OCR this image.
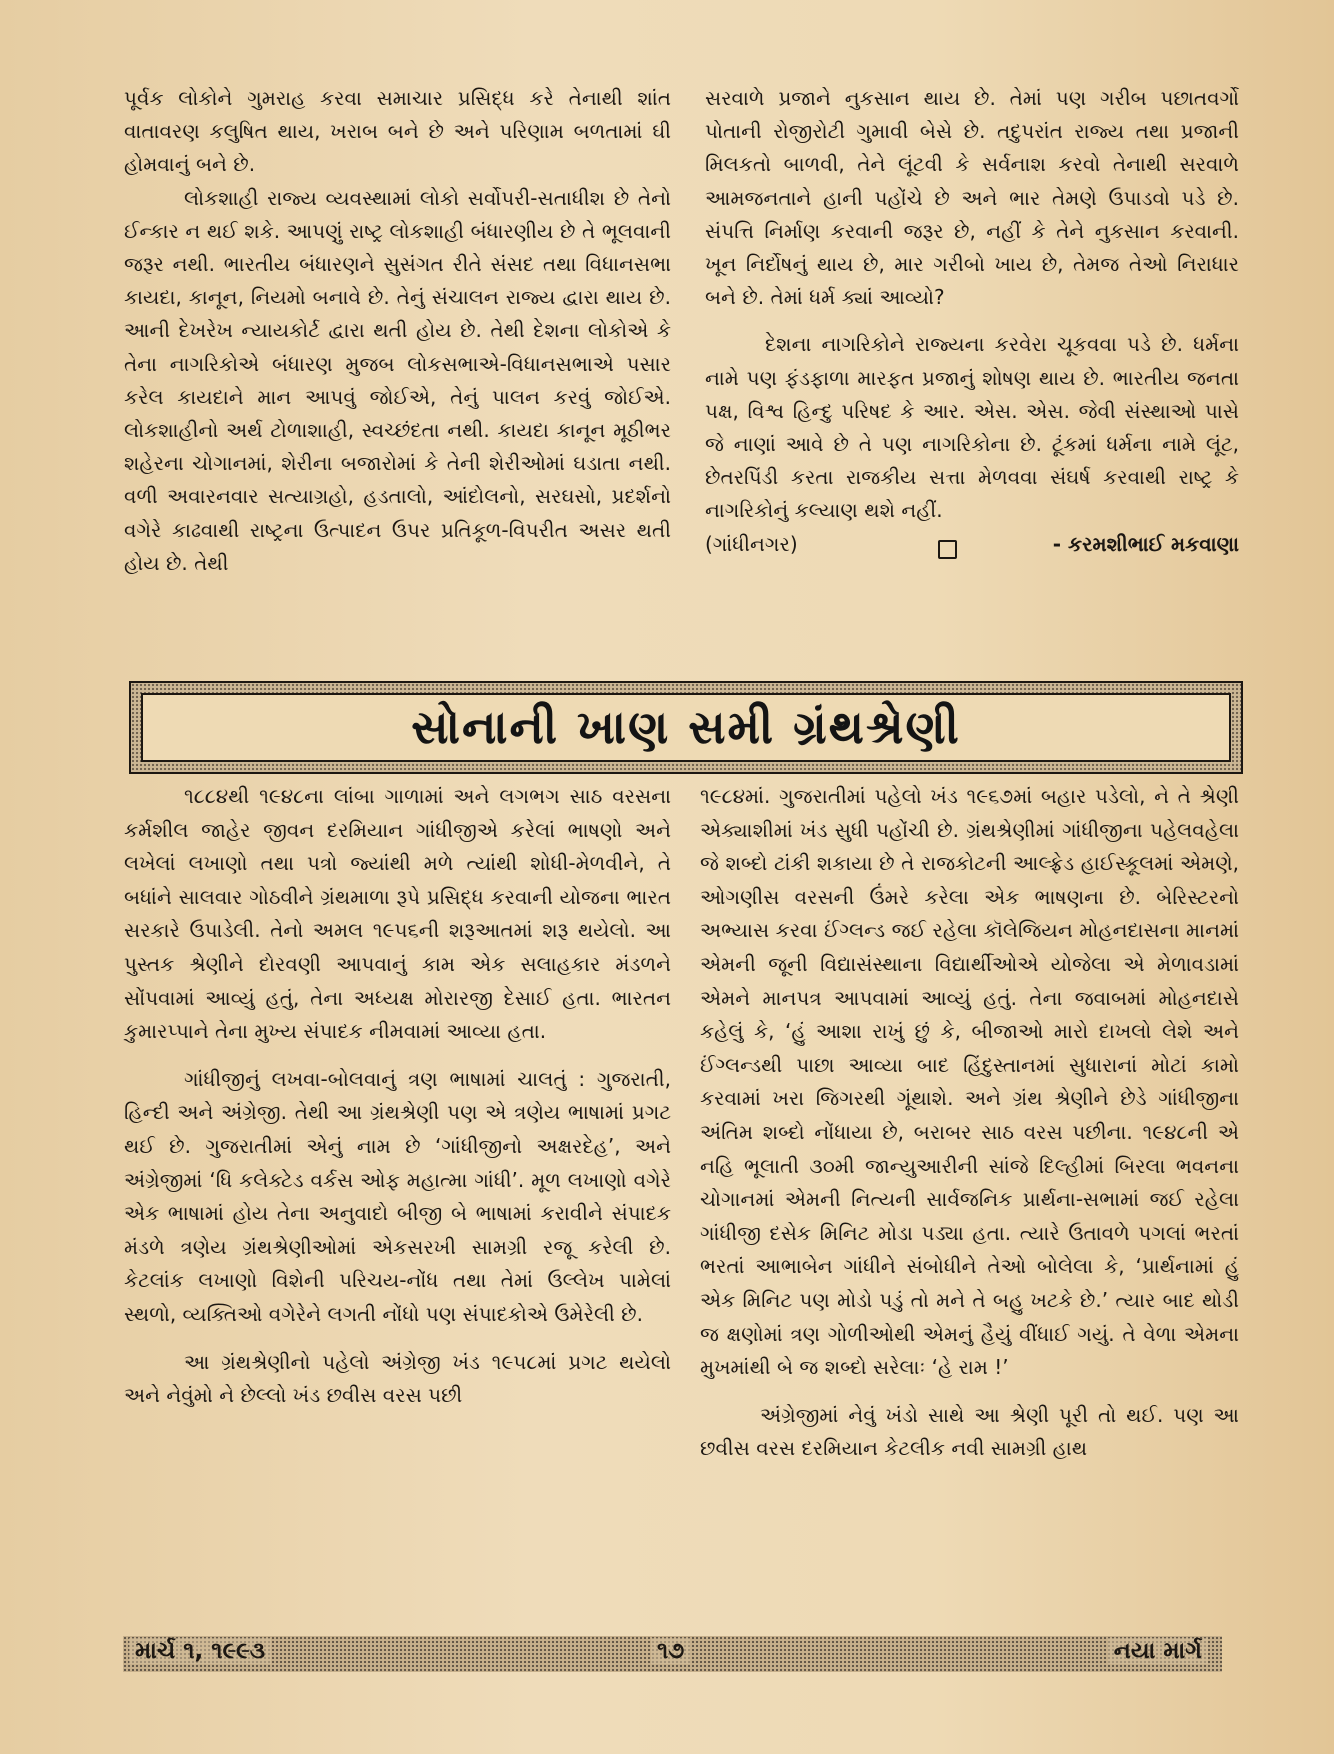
પૂર્વક લોકોને ગુમરાહ કરવા સમાચાર પ્રસિદ્ધ કરે તેનાથી શાંત વાતાવરણ કલુષિત થાય, ખરાબ બને છે અને પરિણામ બળતામાં ઘી હોમવાનું બને છે.

લોકશાહી રાજ્ય વ્યવસ્થામાં લોકો સર્વોપરી-સતાધીશ છે તેનો ઈન્કાર ન થઈ શકે. આપણું રાષ્ટ્ર લોકશાહી બંધારણીય છે તે ભૂલવાની જરૂર નથી. ભારતીય બંધારણને સુસંગત રીતે સંસદ તથા વિધાનસભા કાયદા, કાનૂન, નિયમો બનાવે છે. તેનું સંચાલન રાજ્ય દ્વારા થાય છે. આની દેખરેખ ન્યાયકોર્ટ દ્વારા થતી હોય છે. તેથી દેશના લોકોએ કે તેના નાગરિકોએ બંધારણ મુજબ લોકસભાએ-વિધાનસભાએ પસાર કરેલ કાયદાને માન આપવું જોઈએ, તેનું પાલન કરવું જોઈએ. લોકશાહીનો અર્થ ટોળાશાહી, સ્વચ્છંદતા નથી. કાયદા કાનૂન મૂઠીભર શહેરના ચોગાનમાં, શેરીના બજારોમાં કે તેની શેરીઓમાં ઘડાતા નથી. વળી અવારનવાર સત્યાગ્રહો, હડતાલો, આંદોલનો, સરઘસો, પ્રદર્શનો વગેરે કાઢવાથી રાષ્ટ્રના ઉત્પાદન ઉપર પ્રતિકૂળ-વિપરીત અસર થતી હોય છે. તેથી

સરવાળે પ્રજાને નુકસાન થાય છે. તેમાં પણ ગરીબ પછાતવર્ગો પોતાની રોજીરોટી ગુમાવી બેસે છે. તદુપરાંત રાજ્ય તથા પ્રજાની મિલકતો બાળવી, તેને લૂંટવી કે સર્વનાશ કરવો તેનાથી સરવાળે આમજનતાને હાની પહોંચે છે અને ભાર તેમણે ઉપાડવો પડે છે. સંપત્તિ નિર્માણ કરવાની જરૂર છે, નહીં કે તેને નુકસાન કરવાની. ખૂન નિર્દોષનું થાય છે, માર ગરીબો ખાય છે, તેમજ તેઓ નિરાધાર બને છે. તેમાં ધર્મ ક્યાં આવ્યો?

દેશના નાગરિકોને રાજ્યના કરવેરા ચૂકવવા પડે છે. ધર્મના નામે પણ ફંડફાળા મારફત પ્રજાનું શોષણ થાય છે. ભારતીય જનતા પક્ષ, વિશ્વ હિન્દુ પરિષદ કે આર. એસ. એસ. જેવી સંસ્થાઓ પાસે જે નાણાં આવે છે તે પણ નાગરિકોના છે. ટૂંકમાં ધર્મના નામે લૂંટ, છેતરપિંડી કરતા રાજકીય સત્તા મેળવવા સંઘર્ષ કરવાથી રાષ્ટ્ર કે નાગરિકોનું કલ્યાણ થશે નહીં.

(ગાંધીનગર)	- કરમશીભાઈ મકવાણા
સોનાની ખાણ સમી ગ્રંથશ્રેણી

૧૮૮૪થી ૧૯૪૮ના લાંબા ગાળામાં અને લગભગ સાઠ વરસના કર્મશીલ જાહેર જીવન દરમિયાન ગાંધીજીએ કરેલાં ભાષણો અને લખેલાં લખાણો તથા પત્રો જ્યાંથી મળે ત્યાંથી શોધી-મેળવીને, તે બધાંને સાલવાર ગોઠવીને ગ્રંથમાળા રૂપે પ્રસિદ્ધ કરવાની યોજના ભારત સરકારે ઉપાડેલી. તેનો અમલ ૧૯૫૬ની શરૂઆતમાં શરૂ થયેલો. આ પુસ્તક શ્રેણીને દોરવણી આપવાનું કામ એક સલાહકાર મંડળને સોંપવામાં આવ્યું હતું, તેના અધ્યક્ષ મોરારજી દેસાઈ હતા. ભારતન કુમારપ્પાને તેના મુખ્ય સંપાદક નીમવામાં આવ્યા હતા.

ગાંધીજીનું લખવા-બોલવાનું ત્રણ ભાષામાં ચાલતું : ગુજરાતી, હિન્દી અને અંગ્રેજી. તેથી આ ગ્રંથશ્રેણી પણ એ ત્રણેય ભાષામાં પ્રગટ થઈ છે. ગુજરાતીમાં એનું નામ છે ‘ગાંધીજીનો અક્ષરદેહ’, અને અંગ્રેજીમાં ‘ધિ કલેક્ટેડ વર્કસ ઓફ મહાત્મા ગાંધી’. મૂળ લખાણો વગેરે એક ભાષામાં હોય તેના અનુવાદો બીજી બે ભાષામાં કરાવીને સંપાદક મંડળે ત્રણેય ગ્રંથશ્રેણીઓમાં એકસરખી સામગ્રી રજૂ કરેલી છે. કેટલાંક લખાણો વિશેની પરિચય-નોંધ તથા તેમાં ઉલ્લેખ પામેલાં સ્થળો, વ્યક્તિઓ વગેરેને લગતી નોંધો પણ સંપાદકોએ ઉમેરેલી છે.

આ ગ્રંથશ્રેણીનો પહેલો અંગ્રેજી ખંડ ૧૯૫૮માં પ્રગટ થયેલો અને નેવુંમો ને છેલ્લો ખંડ છવીસ વરસ પછી

૧૯૮૪માં. ગુજરાતીમાં પહેલો ખંડ ૧૯૬૭માં બહાર પડેલો, ને તે શ્રેણી એક્યાશીમાં ખંડ સુધી પહોંચી છે. ગ્રંથશ્રેણીમાં ગાંધીજીના પહેલવહેલા જે શબ્દો ટાંકી શકાયા છે તે રાજકોટની આલ્ફ્રેડ હાઈસ્કૂલમાં એમણે, ઓગણીસ વરસની ઉંમરે કરેલા એક ભાષણના છે. બેરિસ્ટરનો અભ્યાસ કરવા ઈંગ્લન્ડ જઈ રહેલા કૉલેજિયન મોહનદાસના માનમાં એમની જૂની વિદ્યાસંસ્થાના વિદ્યાર્થીઓએ યોજેલા એ મેળાવડામાં એમને માનપત્ર આપવામાં આવ્યું હતું. તેના જવાબમાં મોહનદાસે કહેલું કે, ‘હું આશા રાખું છું કે, બીજાઓ મારો દાખલો લેશે અને ઈંગ્લન્ડથી પાછા આવ્યા બાદ હિંદુસ્તાનમાં સુધારાનાં મોટાં કામો કરવામાં ખરા જિગરથી ગૂંથાશે. અને ગ્રંથ શ્રેણીને છેડે ગાંધીજીના અંતિમ શબ્દો નોંધાયા છે, બરાબર સાઠ વરસ પછીના. ૧૯૪૮ની એ નહિ ભૂલાતી ૩૦મી જાન્યુઆરીની સાંજે દિલ્હીમાં બિરલા ભવનના ચોગાનમાં એમની નિત્યની સાર્વજનિક પ્રાર્થના-સભામાં જઈ રહેલા ગાંધીજી દસેક મિનિટ મોડા પડ્યા હતા. ત્યારે ઉતાવળે પગલાં ભરતાં ભરતાં આભાબેન ગાંધીને સંબોધીને તેઓ બોલેલા કે, ‘પ્રાર્થનામાં હું એક મિનિટ પણ મોડો પડું તો મને તે બહુ ખટકે છે.’ ત્યાર બાદ થોડી જ ક્ષણોમાં ત્રણ ગોળીઓથી એમનું હૈયું વીંધાઈ ગયું. તે વેળા એમના મુખમાંથી બે જ શબ્દો સરેલાઃ ‘હે રામ !’

અંગ્રેજીમાં નેવું ખંડો સાથે આ શ્રેણી પૂરી તો થઈ. પણ આ છવીસ વરસ દરમિયાન કેટલીક નવી સામગ્રી હાથ

માર્ચ ૧, ૧૯૯૩	૧૭	નયા માર્ગ
